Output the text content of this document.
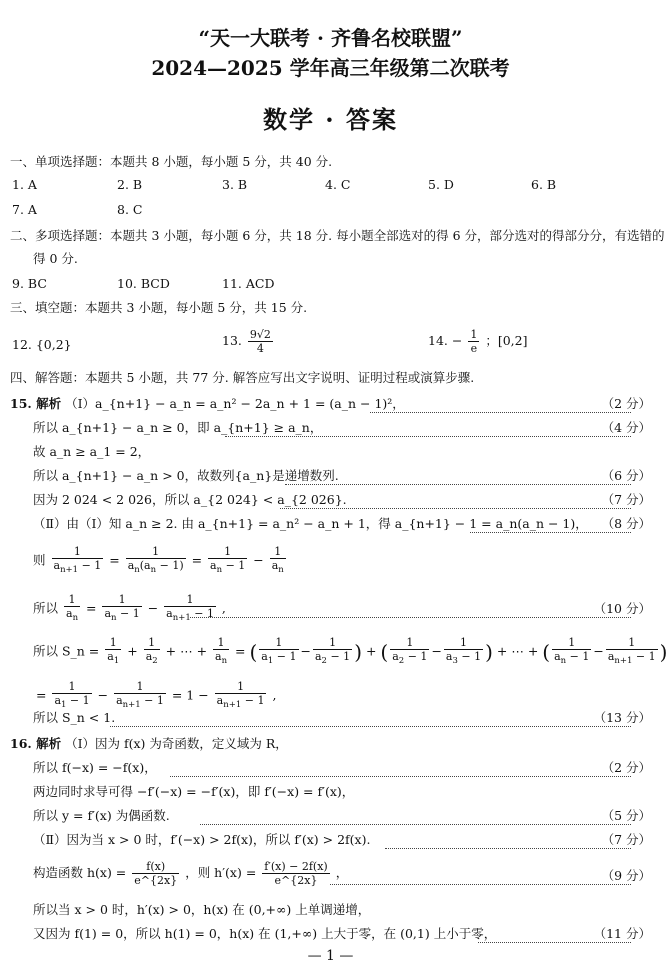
“天一大联考 · 齐鲁名校联盟”
2024—2025 学年高三年级第二次联考
数学 · 答案
一、单项选择题：本题共 8 小题，每小题 5 分，共 40 分.
1. A	2. B	3. B	4. C	5. D	6. B
7. A	8. C
二、多项选择题：本题共 3 小题，每小题 6 分，共 18 分. 每小题全部选对的得 6 分，部分选对的得部分分，有选错的
得 0 分.
9. BC	10. BCD	11. ACD
三、填空题：本题共 3 小题，每小题 5 分，共 15 分.
12. {0,2}	13. $\frac{9√2}{4}$	14. − $\frac{1}{e}$ ；[0,2]
四、解答题：本题共 5 小题，共 77 分. 解答应写出文字说明、证明过程或演算步骤.
15. 解析 （Ⅰ）a_{n+1} − a_n = a_n² − 2a_n + 1 = (a_n − 1)²，	（2 分）
所以 a_{n+1} − a_n ≥ 0，即 a_{n+1} ≥ a_n，	（4 分）
故 a_n ≥ a_1 = 2，
所以 a_{n+1} − a_n > 0，故数列{a_n}是递增数列.	（6 分）
因为 2 024 < 2 026，所以 a_{2 024} < a_{2 026}.	（7 分）
（Ⅱ）由（Ⅰ）知 a_n ≥ 2. 由 a_{n+1} = a_n² − a_n + 1，得 a_{n+1} − 1 = a_n(a_n − 1)， （8 分）
则 $\frac{1}{a_{n+1} - 1} = \frac{1}{a_n(a_n - 1)} = \frac{1}{a_n - 1} - \frac{1}{a_n}$
所以 $\frac{1}{a_n} = \frac{1}{a_n - 1} - \frac{1}{a_{n+1} - 1}$ ,	（10 分）
所以 S_n = $\frac{1}{a_1} + \frac{1}{a_2}$ + ⋯ + $\frac{1}{a_n}$ = ( $\frac{1}{a_1 - 1} - \frac{1}{a_2 - 1}$ ) + ( $\frac{1}{a_2 - 1} - \frac{1}{a_3 - 1}$ ) + ⋯ + ( $\frac{1}{a_n - 1} - \frac{1}{a_{n+1} - 1}$ )
= $\frac{1}{a_1 - 1} - \frac{1}{a_{n+1} - 1} = 1 - \frac{1}{a_{n+1} - 1}$ ,
所以 S_n < 1.	（13 分）
16. 解析 （Ⅰ）因为 f(x) 为奇函数，定义域为 R，
所以 f(−x) = −f(x)，	（2 分）
两边同时求导可得 −f′(−x) = −f′(x)，即 f′(−x) = f′(x)，
所以 y = f′(x) 为偶函数.	（5 分）
（Ⅱ）因为当 x > 0 时，f′(−x) > 2f(x)，所以 f′(x) > 2f(x).	（7 分）
构造函数 $h(x) = \frac{f(x)}{e\^{}\{2x\}}$ ，则 $h'(x) = \frac{f'(x) - 2f(x)}{e\^{}\{2x\}}$ ，	（9 分）
所以当 x > 0 时，h′(x) > 0，h(x) 在 (0,+∞) 上单调递增，
又因为 f(1) = 0，所以 h(1) = 0，h(x) 在 (1,+∞) 上大于零，在 (0,1) 上小于零，	（11 分）
— 1 —
